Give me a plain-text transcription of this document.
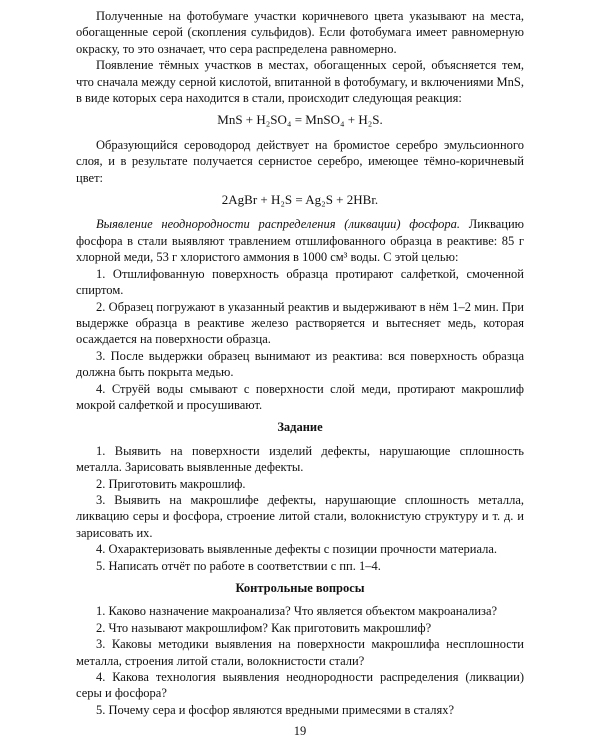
Полученные на фотобумаге участки коричневого цвета указывают на места, обогащенные серой (скопления сульфидов). Если фотобумага имеет равномерную окраску, то это означает, что сера распределена равномерно.

Появление тёмных участков в местах, обогащенных серой, объясняется тем, что сначала между серной кислотой, впитанной в фотобумагу, и включениями MnS, в виде которых сера находится в стали, происходит следующая реакция:

MnS + H₂SO₄ = MnSO₄ + H₂S.

Образующийся сероводород действует на бромистое серебро эмульсионного слоя, и в результате получается сернистое серебро, имеющее тёмно-коричневый цвет:

2AgBr + H₂S = Ag₂S + 2HBr.

Выявление неоднородности распределения (ликвации) фосфора. Ликвацию фосфора в стали выявляют травлением отшлифованного образца в реактиве: 85 г хлорной меди, 53 г хлористого аммония в 1000 см³ воды. С этой целью:

1. Отшлифованную поверхность образца протирают салфеткой, смоченной спиртом.

2. Образец погружают в указанный реактив и выдерживают в нём 1–2 мин. При выдержке образца в реактиве железо растворяется и вытесняет медь, которая осаждается на поверхности образца.

3. После выдержки образец вынимают из реактива: вся поверхность образца должна быть покрыта медью.

4. Струёй воды смывают с поверхности слой меди, протирают макрошлиф мокрой салфеткой и просушивают.

Задание

1. Выявить на поверхности изделий дефекты, нарушающие сплошность металла. Зарисовать выявленные дефекты.

2. Приготовить макрошлиф.

3. Выявить на макрошлифе дефекты, нарушающие сплошность металла, ликвацию серы и фосфора, строение литой стали, волокнистую структуру и т. д. и зарисовать их.

4. Охарактеризовать выявленные дефекты с позиции прочности материала.

5. Написать отчёт по работе в соответствии с пп. 1–4.

Контрольные вопросы

1. Каково назначение макроанализа? Что является объектом макроанализа?

2. Что называют макрошлифом? Как приготовить макрошлиф?

3. Каковы методики выявления на поверхности макрошлифа несплошности металла, строения литой стали, волокнистости стали?

4. Какова технология выявления неоднородности распределения (ликвации) серы и фосфора?

5. Почему сера и фосфор являются вредными примесями в сталях?

19
